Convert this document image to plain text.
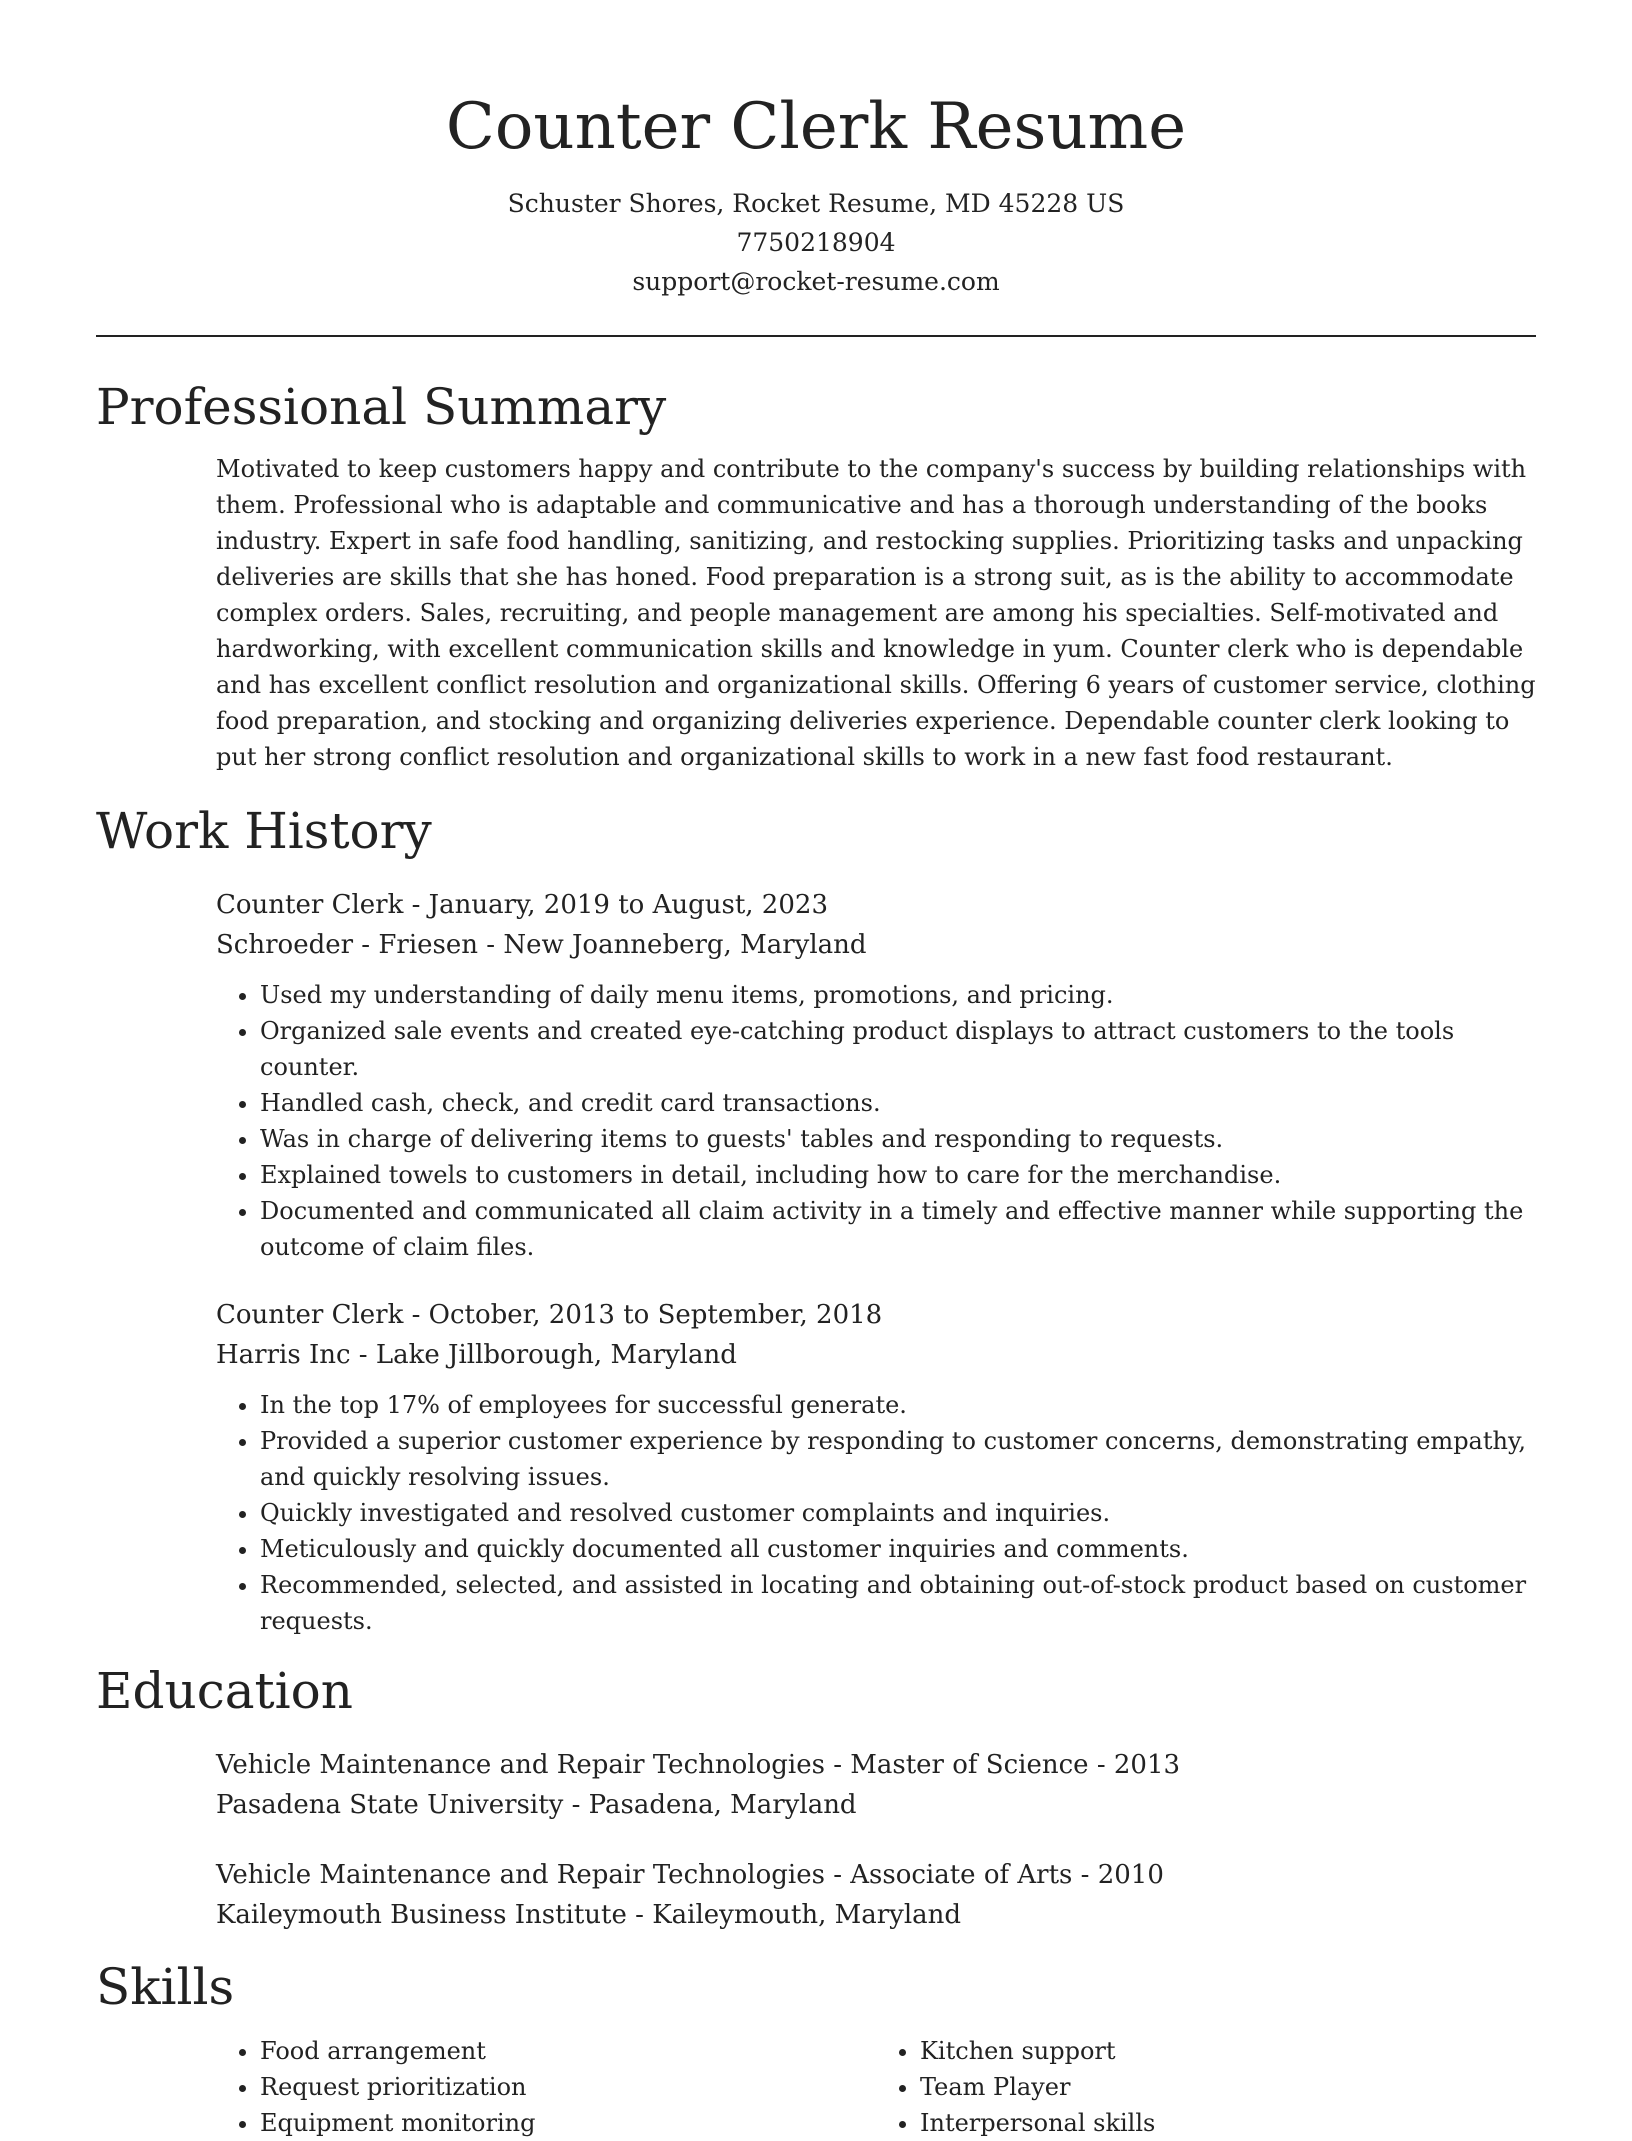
Counter Clerk Resume
Schuster Shores, Rocket Resume, MD 45228 US
7750218904
support@rocket-resume.com
Professional Summary

Motivated to keep customers happy and contribute to the company's success by building relationships with them. Professional who is adaptable and communicative and has a thorough understanding of the books industry. Expert in safe food handling, sanitizing, and restocking supplies. Prioritizing tasks and unpacking deliveries are skills that she has honed. Food preparation is a strong suit, as is the ability to accommodate complex orders. Sales, recruiting, and people management are among his specialties. Self-motivated and hardworking, with excellent communication skills and knowledge in yum. Counter clerk who is dependable and has excellent conflict resolution and organizational skills. Offering 6 years of customer service, clothing food preparation, and stocking and organizing deliveries experience. Dependable counter clerk looking to put her strong conflict resolution and organizational skills to work in a new fast food restaurant.

Work History
Counter Clerk - January, 2019 to August, 2023
Schroeder - Friesen - New Joanneberg, Maryland
• Used my understanding of daily menu items, promotions, and pricing.
• Organized sale events and created eye-catching product displays to attract customers to the tools counter.
• Handled cash, check, and credit card transactions.
• Was in charge of delivering items to guests' tables and responding to requests.
• Explained towels to customers in detail, including how to care for the merchandise.
• Documented and communicated all claim activity in a timely and effective manner while supporting the outcome of claim files.
Counter Clerk - October, 2013 to September, 2018
Harris Inc - Lake Jillborough, Maryland
• In the top 17% of employees for successful generate.
• Provided a superior customer experience by responding to customer concerns, demonstrating empathy, and quickly resolving issues.
• Quickly investigated and resolved customer complaints and inquiries.
• Meticulously and quickly documented all customer inquiries and comments.
• Recommended, selected, and assisted in locating and obtaining out-of-stock product based on customer requests.
Education
Vehicle Maintenance and Repair Technologies - Master of Science - 2013
Pasadena State University - Pasadena, Maryland
Vehicle Maintenance and Repair Technologies - Associate of Arts - 2010
Kaileymouth Business Institute - Kaileymouth, Maryland
Skills
• Food arrangement
• Request prioritization
• Equipment monitoring
• Kitchen support
• Team Player
• Interpersonal skills
